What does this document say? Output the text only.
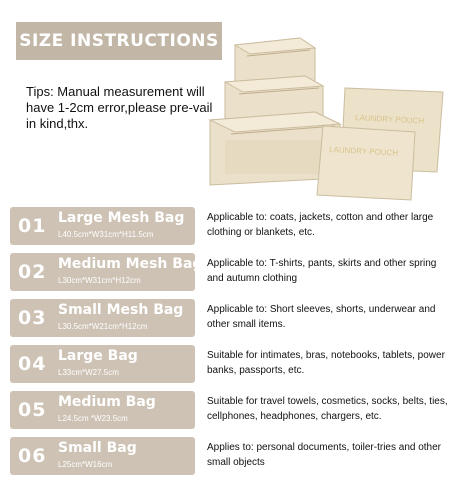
SIZE INSTRUCTIONS
Tips: Manual measurement will have 1-2cm error,please pre-vail in kind,thx.	LAUNDRY POUCH
LAUNDRY POUCH
01 Large Mesh Bag
L40.5cm*W31cm*H11.5cm
Applicable to: coats, jackets, cotton and other large clothing or blankets, etc.
02 Medium Mesh Bag
L30cm*W31cm*H12cm
Applicable to: T-shirts, pants, skirts and other spring and autumn clothing
03 Small Mesh Bag
L30.5cm*W21cm*H12cm
Applicable to: Short sleeves, shorts, underwear and other small items.
04 Large Bag
L33cm*W27.5cm
Suitable for intimates, bras, notebooks, tablets, power banks, passports, etc.
05 Medium Bag
L24.5cm *W23.5cm
Suitable for travel towels, cosmetics, socks, belts, ties, cellphones, headphones, chargers, etc.
06 Small Bag
L25cm*W16cm
Applies to: personal documents, toiler-tries and other small objects
